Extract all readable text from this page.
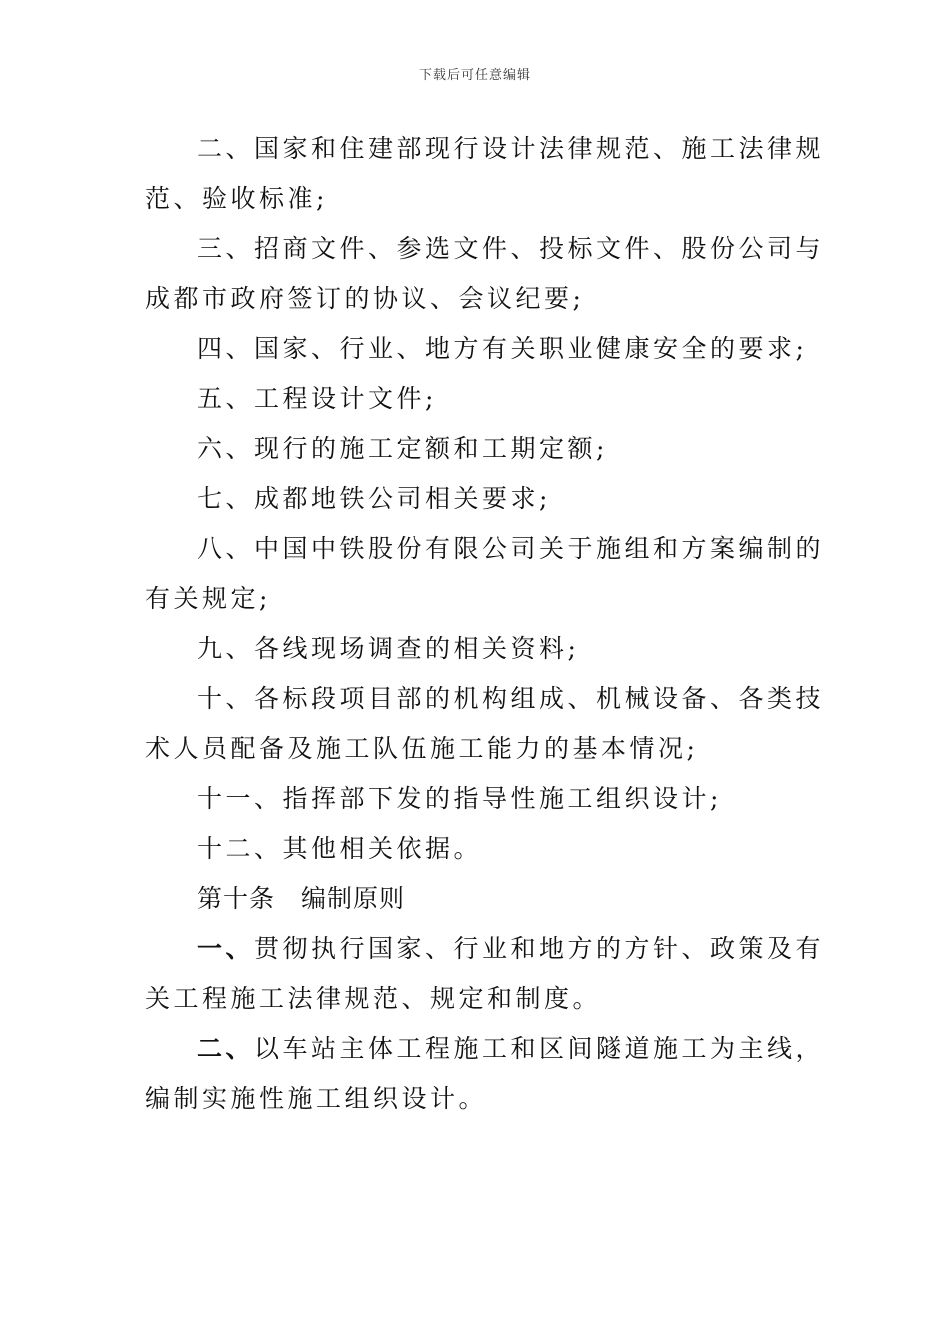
下载后可任意编辑

二、国家和住建部现行设计法律规范、施工法律规范、验收标准;

三、招商文件、参选文件、投标文件、股份公司与成都市政府签订的协议、会议纪要;

四、国家、行业、地方有关职业健康安全的要求;

五、工程设计文件;

六、现行的施工定额和工期定额;

七、成都地铁公司相关要求;

八、中国中铁股份有限公司关于施组和方案编制的有关规定;

九、各线现场调查的相关资料;

十、各标段项目部的机构组成、机械设备、各类技术人员配备及施工队伍施工能力的基本情况;

十一、指挥部下发的指导性施工组织设计;

十二、其他相关依据。

第十条 编制原则

一、贯彻执行国家、行业和地方的方针、政策及有关工程施工法律规范、规定和制度。

二、以车站主体工程施工和区间隧道施工为主线，编制实施性施工组织设计。
